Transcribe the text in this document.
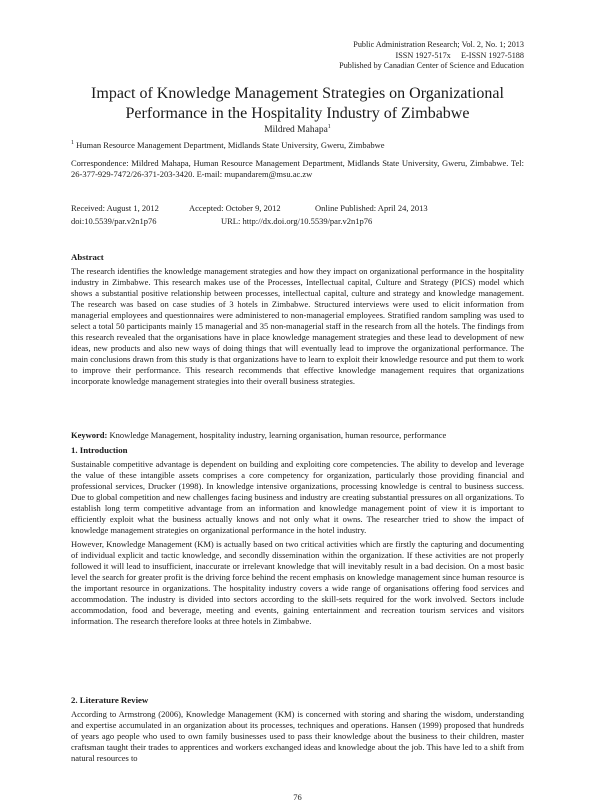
Public Administration Research; Vol. 2, No. 1; 2013
ISSN 1927-517x     E-ISSN 1927-5188
Published by Canadian Center of Science and Education
Impact of Knowledge Management Strategies on Organizational
Performance in the Hospitality Industry of Zimbabwe
Mildred Mahapa$^1$
$^1$ Human Resource Management Department, Midlands State University, Gweru, Zimbabwe
Correspondence: Mildred Mahapa, Human Resource Management Department, Midlands State University, Gweru, Zimbabwe. Tel: 26-377-929-7472/26-371-203-3420. E-mail: mupandarem@msu.ac.zw
Received: August 1, 2012	Accepted: October 9, 2012	Online Published: April 24, 2013
doi:10.5539/par.v2n1p76	URL: http://dx.doi.org/10.5539/par.v2n1p76
Abstract
The research identifies the knowledge management strategies and how they impact on organizational performance in the hospitality industry in Zimbabwe. This research makes use of the Processes, Intellectual capital, Culture and Strategy (PICS) model which shows a substantial positive relationship between processes, intellectual capital, culture and strategy and knowledge management. The research was based on case studies of 3 hotels in Zimbabwe. Structured interviews were used to elicit information from managerial employees and questionnaires were administered to non-managerial employees. Stratified random sampling was used to select a total 50 participants mainly 15 managerial and 35 non-managerial staff in the research from all the hotels. The findings from this research revealed that the organisations have in place knowledge management strategies and these lead to development of new ideas, new products and also new ways of doing things that will eventually lead to improve the organizational performance. The main conclusions drawn from this study is that organizations have to learn to exploit their knowledge resource and put them to work to improve their performance. This research recommends that effective knowledge management requires that organizations incorporate knowledge management strategies into their overall business strategies.
Keyword: Knowledge Management, hospitality industry, learning organisation, human resource, performance
1. Introduction
Sustainable competitive advantage is dependent on building and exploiting core competencies. The ability to develop and leverage the value of these intangible assets comprises a core competency for organization, particularly those providing financial and professional services, Drucker (1998). In knowledge intensive organizations, processing knowledge is central to business success. Due to global competition and new challenges facing business and industry are creating substantial pressures on all organizations. To establish long term competitive advantage from an information and knowledge management point of view it is important to efficiently exploit what the business actually knows and not only what it owns. The researcher tried to show the impact of knowledge management strategies on organizational performance in the hotel industry.
However, Knowledge Management (KM) is actually based on two critical activities which are firstly the capturing and documenting of individual explicit and tactic knowledge, and secondly dissemination within the organization. If these activities are not properly followed it will lead to insufficient, inaccurate or irrelevant knowledge that will inevitably result in a bad decision. On a most basic level the search for greater profit is the driving force behind the recent emphasis on knowledge management since human resource is the important resource in organizations. The hospitality industry covers a wide range of organisations offering food services and accommodation. The industry is divided into sectors according to the skill-sets required for the work involved. Sectors include accommodation, food and beverage, meeting and events, gaining entertainment and recreation tourism services and visitors information. The research therefore looks at three hotels in Zimbabwe.
2. Literature Review
According to Armstrong (2006), Knowledge Management (KM) is concerned with storing and sharing the wisdom, understanding and expertise accumulated in an organization about its processes, techniques and operations. Hansen (1999) proposed that hundreds of years ago people who used to own family businesses used to pass their knowledge about the business to their children, master craftsman taught their trades to apprentices and workers exchanged ideas and knowledge about the job. This have led to a shift from natural resources to
76
